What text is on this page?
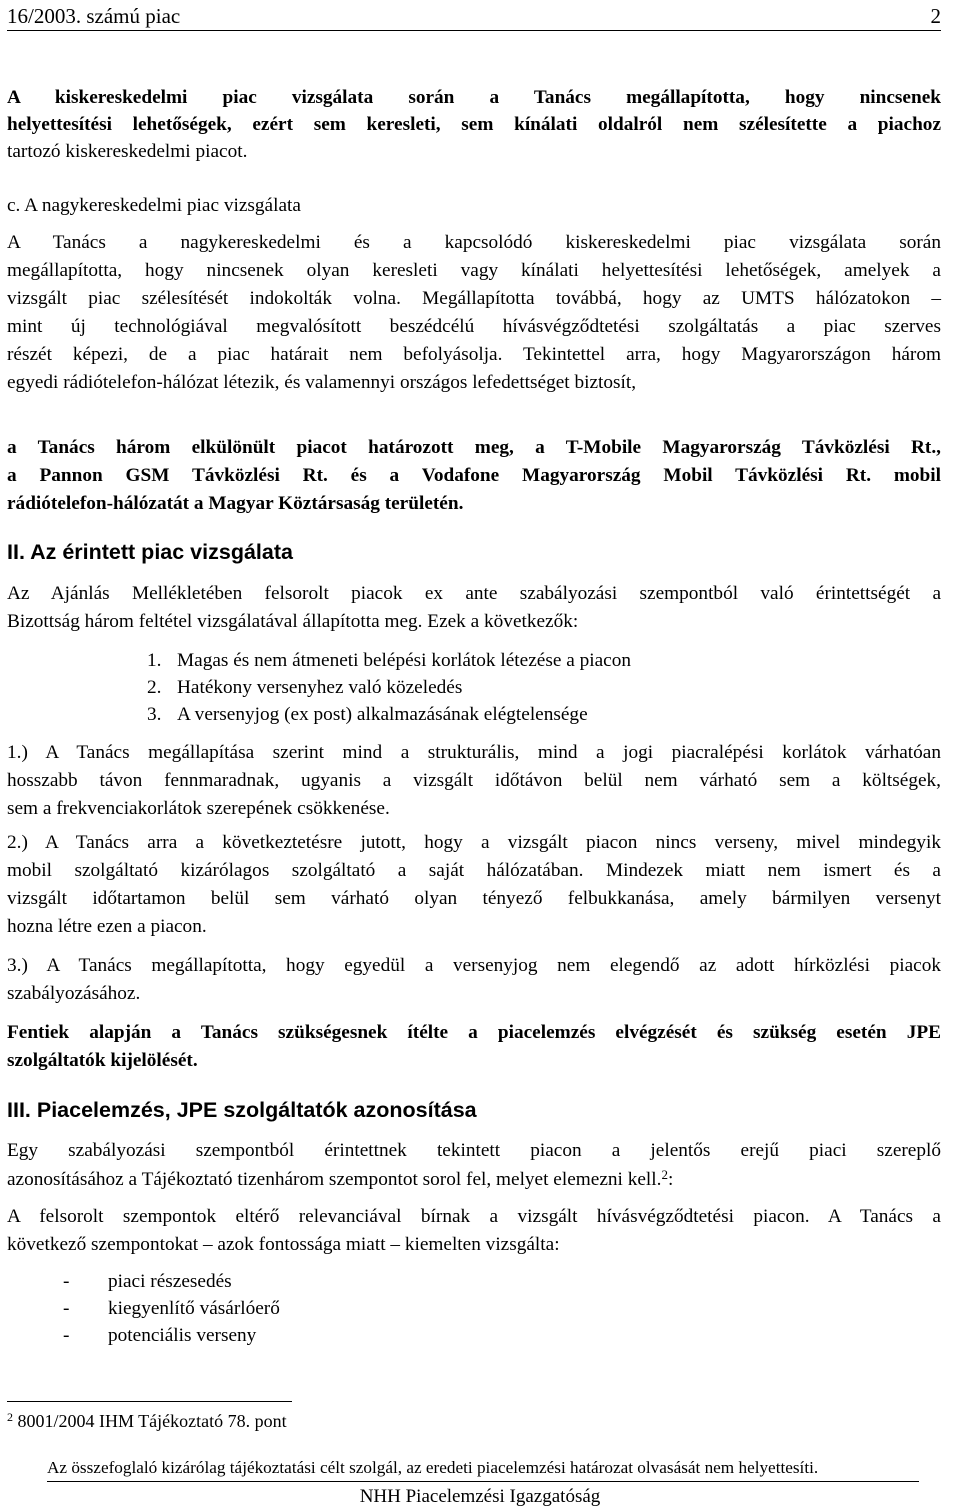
16/2003. számú piac	2
A kiskereskedelmi piac vizsgálata során a Tanács megállapította, hogy nincsenek
helyettesítési lehetőségek, ezért sem keresleti, sem kínálati oldalról nem szélesítette a piachoz
tartozó kiskereskedelmi piacot.
c. A nagykereskedelmi piac vizsgálata
A Tanács a nagykereskedelmi és a kapcsolódó kiskereskedelmi piac vizsgálata során
megállapította, hogy nincsenek olyan keresleti vagy kínálati helyettesítési lehetőségek, amelyek a
vizsgált piac szélesítését indokolták volna. Megállapította továbbá, hogy az UMTS hálózatokon –
mint új technológiával megvalósított beszédcélú hívásvégződtetési szolgáltatás a piac szerves
részét képezi, de a piac határait nem befolyásolja. Tekintettel arra, hogy Magyarországon három
egyedi rádiótelefon-hálózat létezik, és valamennyi országos lefedettséget biztosít,
a Tanács három elkülönült piacot határozott meg, a T-Mobile Magyarország Távközlési Rt.,
a Pannon GSM Távközlési Rt. és a Vodafone Magyarország Mobil Távközlési Rt. mobil
rádiótelefon-hálózatát a Magyar Köztársaság területén.
II. Az érintett piac vizsgálata
Az Ajánlás Mellékletében felsorolt piacok ex ante szabályozási szempontból való érintettségét a
Bizottság három feltétel vizsgálatával állapította meg. Ezek a következők:
1. Magas és nem átmeneti belépési korlátok létezése a piacon
2. Hatékony versenyhez való közeledés
3. A versenyjog (ex post) alkalmazásának elégtelensége
1.) A Tanács megállapítása szerint mind a strukturális, mind a jogi piacralépési korlátok várhatóan
hosszabb távon fennmaradnak, ugyanis a vizsgált időtávon belül nem várható sem a költségek,
sem a frekvenciakorlátok szerepének csökkenése.
2.) A Tanács arra a következtetésre jutott, hogy a vizsgált piacon nincs verseny, mivel mindegyik
mobil szolgáltató kizárólagos szolgáltató a saját hálózatában. Mindezek miatt nem ismert és a
vizsgált időtartamon belül sem várható olyan tényező felbukkanása, amely bármilyen versenyt
hozna létre ezen a piacon.
3.) A Tanács megállapította, hogy egyedül a versenyjog nem elegendő az adott hírközlési piacok
szabályozásához.
Fentiek alapján a Tanács szükségesnek ítélte a piacelemzés elvégzését és szükség esetén JPE
szolgáltatók kijelölését.
III. Piacelemzés, JPE szolgáltatók azonosítása
Egy szabályozási szempontból érintettnek tekintett piacon a jelentős erejű piaci szereplő
azonosításához a Tájékoztató tizenhárom szempontot sorol fel, melyet elemezni kell.$^2$:
A felsorolt szempontok eltérő relevanciával bírnak a vizsgált hívásvégződtetési piacon. A Tanács a
következő szempontokat – azok fontossága miatt – kiemelten vizsgálta:
- piaci részesedés
- kiegyenlítő vásárlóerő
- potenciális verseny
$^2$ 8001/2004 IHM Tájékoztató 78. pont
Az összefoglaló kizárólag tájékoztatási célt szolgál, az eredeti piacelemzési határozat olvasását nem helyettesíti.
NHH Piacelemzési Igazgatóság
